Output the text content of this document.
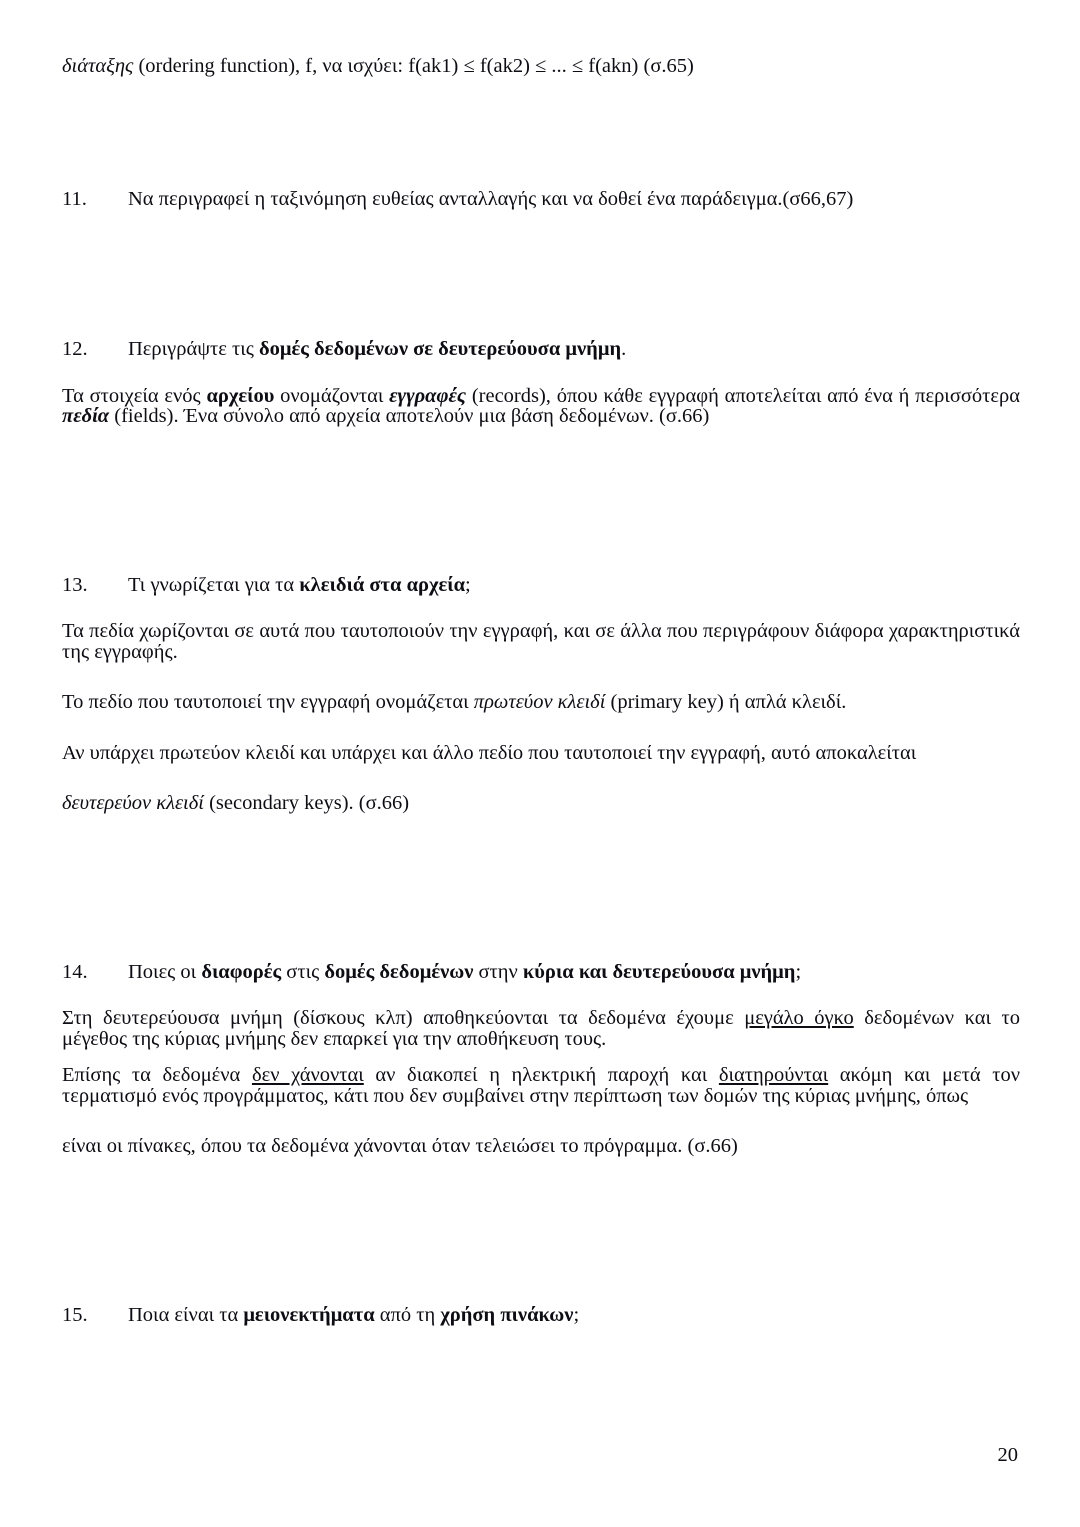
διάταξης (ordering function), f, να ισχύει: f(ak1) ≤ f(ak2) ≤ ... ≤ f(akn) (σ.65)

11.	Να περιγραφεί η ταξινόμηση ευθείας ανταλλαγής και να δοθεί ένα παράδειγμα.(σ66,67)
12.	Περιγράψτε τις δομές δεδομένων σε δευτερεύουσα μνήμη.

Τα στοιχεία ενός αρχείου ονομάζονται εγγραφές (records), όπου κάθε εγγραφή αποτελείται από ένα ή περισσότερα πεδία (fields). Ένα σύνολο από αρχεία αποτελούν μια βάση δεδομένων. (σ.66)

13.	Τι γνωρίζεται για τα κλειδιά στα αρχεία;

Τα πεδία χωρίζονται σε αυτά που ταυτοποιούν την εγγραφή, και σε άλλα που περιγράφουν διάφορα χαρακτηριστικά της εγγραφής.

Το πεδίο που ταυτοποιεί την εγγραφή ονομάζεται πρωτεύον κλειδί (primary key) ή απλά κλειδί.

Αν υπάρχει πρωτεύον κλειδί και υπάρχει και άλλο πεδίο που ταυτοποιεί την εγγραφή, αυτό αποκαλείται

δευτερεύον κλειδί (secondary keys). (σ.66)

14.	Ποιες οι διαφορές στις δομές δεδομένων στην κύρια και δευτερεύουσα μνήμη;

Στη δευτερεύουσα μνήμη (δίσκους κλπ) αποθηκεύονται τα δεδομένα έχουμε μεγάλο όγκο δεδομένων και το μέγεθος της κύριας μνήμης δεν επαρκεί για την αποθήκευση τους.

Επίσης τα δεδομένα δεν χάνονται αν διακοπεί η ηλεκτρική παροχή και διατηρούνται ακόμη και μετά τον τερματισμό ενός προγράμματος, κάτι που δεν συμβαίνει στην περίπτωση των δομών της κύριας μνήμης, όπως

είναι οι πίνακες, όπου τα δεδομένα χάνονται όταν τελειώσει το πρόγραμμα. (σ.66)

15.	Ποια είναι τα μειονεκτήματα από τη χρήση πινάκων;
20
